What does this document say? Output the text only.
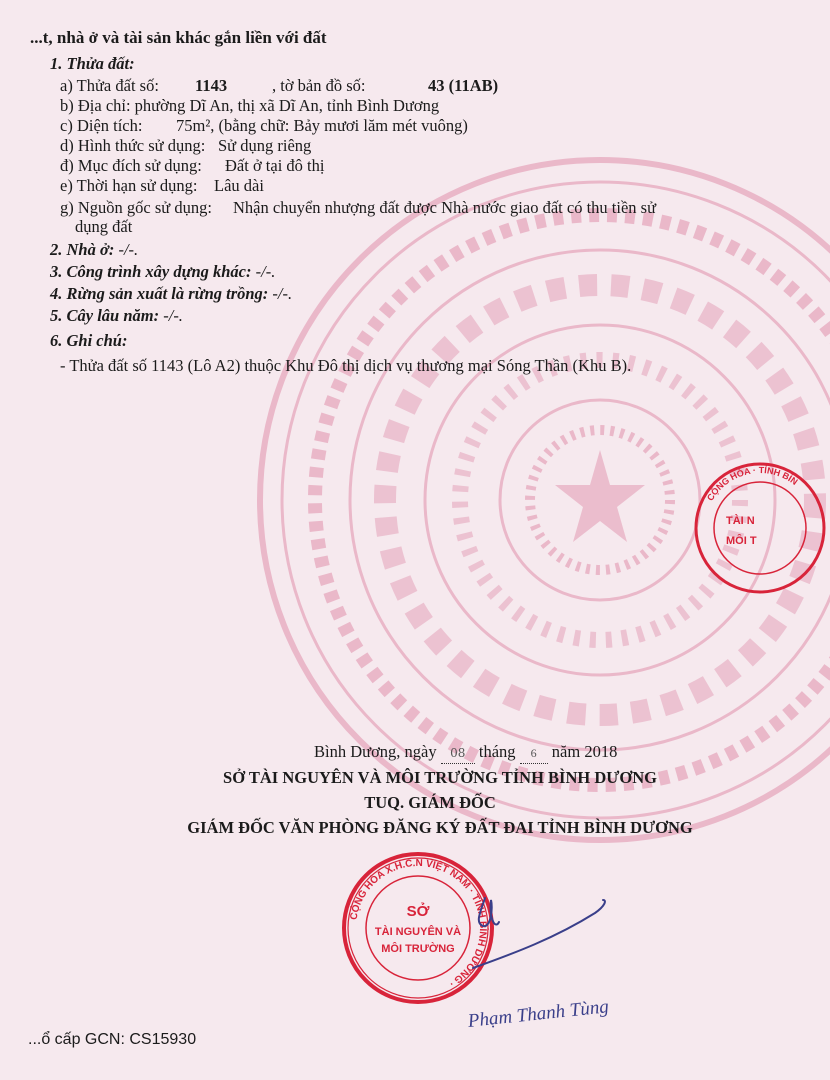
...t, nhà ở và tài sản khác gắn liền với đất
1. Thửa đất:
a) Thửa đất số: 1143	, tờ bản đồ số:	43 (11AB)
b) Địa chỉ: phường Dĩ An, thị xã Dĩ An, tỉnh Bình Dương
c) Diện tích: 75m², (bằng chữ: Bảy mươi lăm mét vuông)
d) Hình thức sử dụng: Sử dụng riêng
đ) Mục đích sử dụng: Đất ở tại đô thị
e) Thời hạn sử dụng: Lâu dài
g) Nguồn gốc sử dụng: Nhận chuyển nhượng đất được Nhà nước giao đất có thu tiền sử
dụng đất
2. Nhà ở: -/-.
3. Công trình xây dựng khác: -/-.
4. Rừng sản xuất là rừng trồng: -/-.
5. Cây lâu năm: -/-.
6. Ghi chú:
- Thửa đất số 1143 (Lô A2) thuộc Khu Đô thị dịch vụ thương mại Sóng Thần (Khu B).
CỘNG HÒA · TỈNH BÌN
TÀI N
MÔI T
Bình Dương, ngày 08 tháng 6 năm 2018
SỞ TÀI NGUYÊN VÀ MÔI TRƯỜNG TỈNH BÌNH DƯƠNG
TUQ. GIÁM ĐỐC
GIÁM ĐỐC VĂN PHÒNG ĐĂNG KÝ ĐẤT ĐAI TỈNH BÌNH DƯƠNG
CỘNG HÒA X.H.C.N VIỆT NAM · TỈNH BÌNH DƯƠNG ·
SỞ
TÀI NGUYÊN VÀ
MÔI TRƯỜNG
Phạm Thanh Tùng
...ổ cấp GCN: CS15930
